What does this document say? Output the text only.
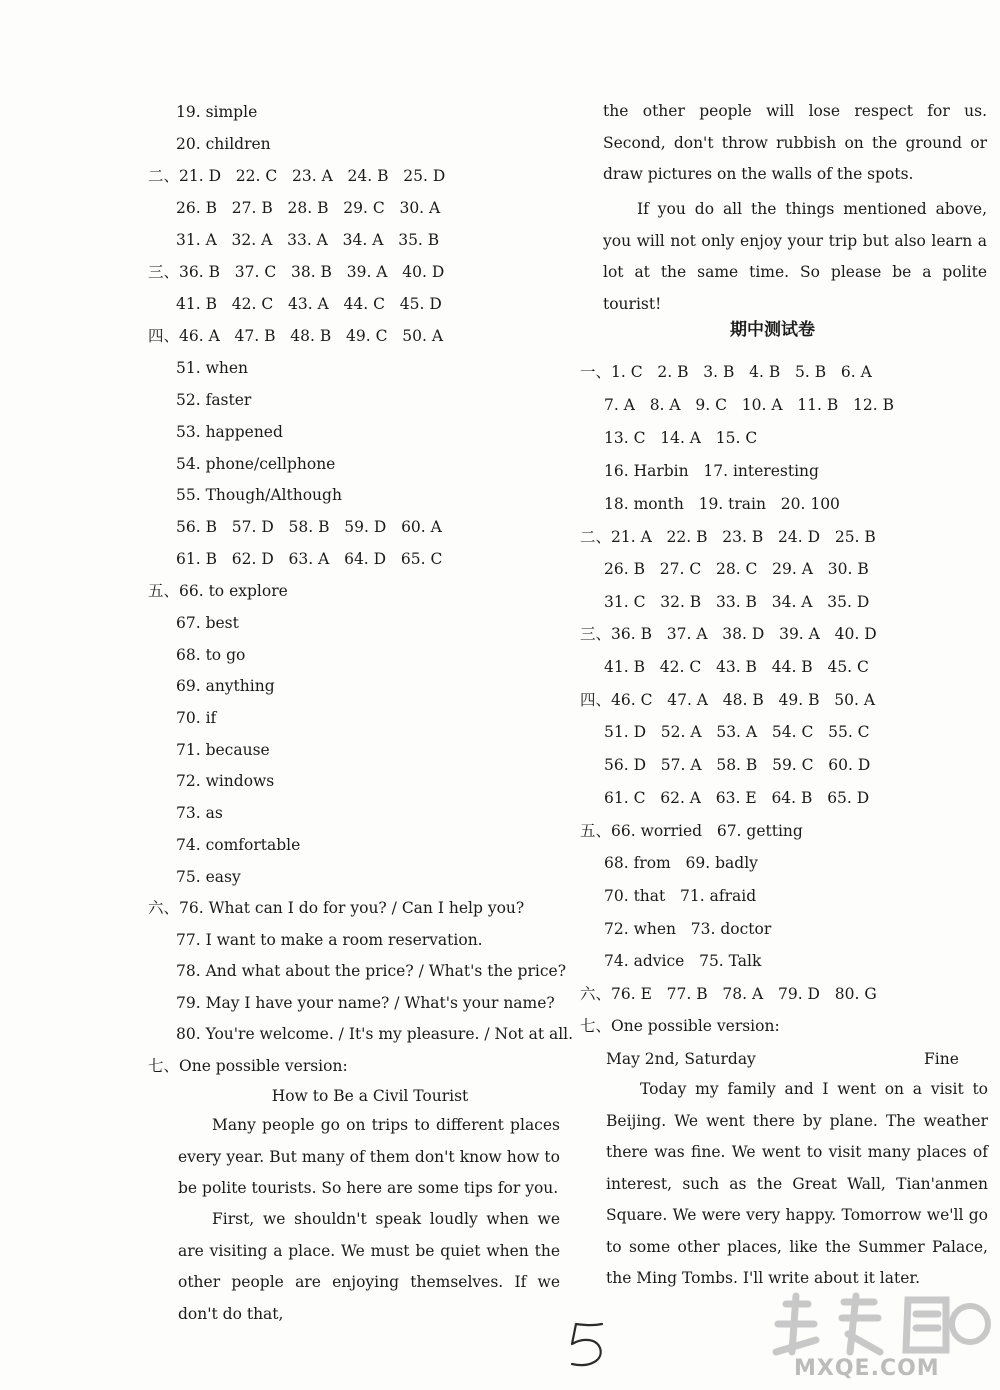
19. simple
20. children
二、21. D   22. C   23. A   24. B   25. D
26. B   27. B   28. B   29. C   30. A
31. A   32. A   33. A   34. A   35. B
三、36. B   37. C   38. B   39. A   40. D
41. B   42. C   43. A   44. C   45. D
四、46. A   47. B   48. B   49. C   50. A
51. when
52. faster
53. happened
54. phone/cellphone
55. Though/Although
56. B   57. D   58. B   59. D   60. A
61. B   62. D   63. A   64. D   65. C
五、66. to explore
67. best
68. to go
69. anything
70. if
71. because
72. windows
73. as
74. comfortable
75. easy
六、76. What can I do for you? / Can I help you?
77. I want to make a room reservation.
78. And what about the price? / What's the price?
79. May I have your name? / What's your name?
80. You're welcome. / It's my pleasure. / Not at all.
七、One possible version:
How to Be a Civil Tourist
Many people go on trips to different places every year. But many of them don't know how to be polite tourists. So here are some tips for you.
First, we shouldn't speak loudly when we are visiting a place. We must be quiet when the other people are enjoying themselves. If we don't do that,
the other people will lose respect for us. Second, don't throw rubbish on the ground or draw pictures on the walls of the spots.
If you do all the things mentioned above, you will not only enjoy your trip but also learn a lot at the same time. So please be a polite tourist!
期中测试卷
一、1. C   2. B   3. B   4. B   5. B   6. A
7. A   8. A   9. C   10. A   11. B   12. B
13. C   14. A   15. C
16. Harbin   17. interesting
18. month   19. train   20. 100
二、21. A   22. B   23. B   24. D   25. B
26. B   27. C   28. C   29. A   30. B
31. C   32. B   33. B   34. A   35. D
三、36. B   37. A   38. D   39. A   40. D
41. B   42. C   43. B   44. B   45. C
四、46. C   47. A   48. B   49. B   50. A
51. D   52. A   53. A   54. C   55. C
56. D   57. A   58. B   59. C   60. D
61. C   62. A   63. E   64. B   65. D
五、66. worried   67. getting
68. from   69. badly
70. that   71. afraid
72. when   73. doctor
74. advice   75. Talk
六、76. E   77. B   78. A   79. D   80. G
七、One possible version:
May 2nd, Saturday	Fine
Today my family and I went on a visit to Beijing. We went there by plane. The weather there was fine. We went to visit many places of interest, such as the Great Wall, Tian'anmen Square. We were very happy. Tomorrow we'll go to some other places, like the Summer Palace, the Ming Tombs. I'll write about it later.
MXQE.COM
